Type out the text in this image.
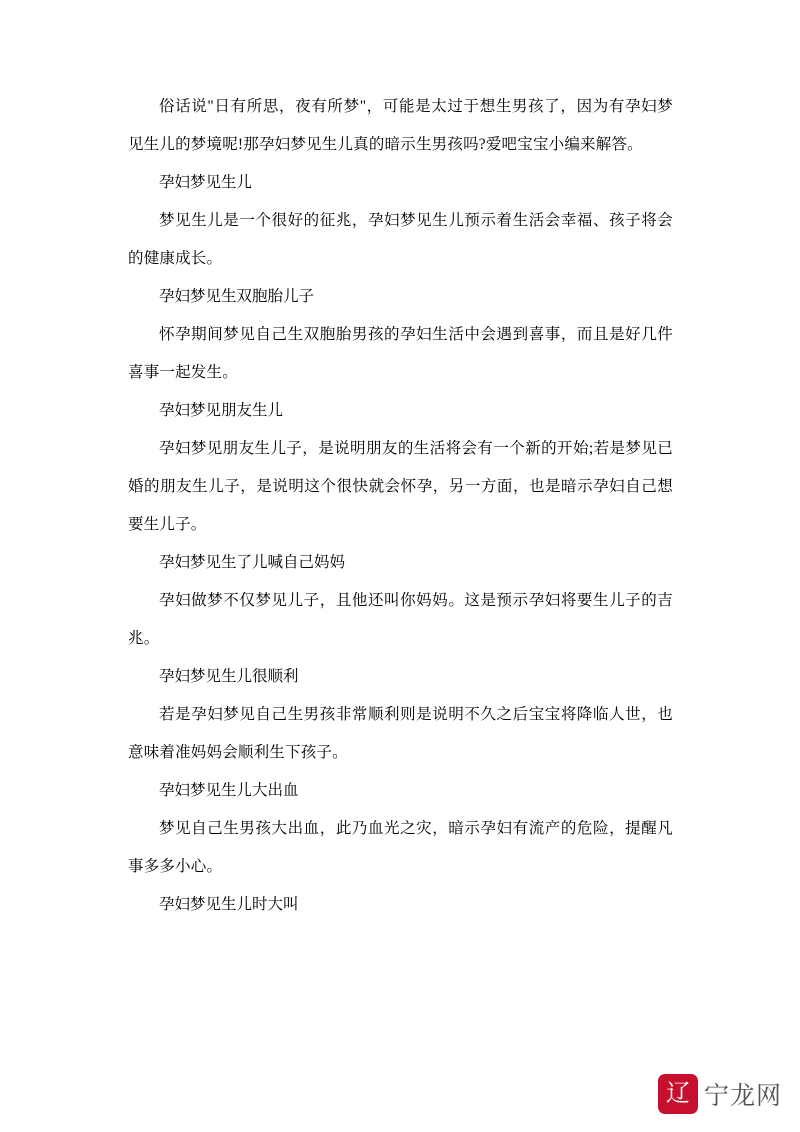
俗话说"日有所思，夜有所梦"，可能是太过于想生男孩了，因为有孕妇梦见生儿的梦境呢!那孕妇梦见生儿真的暗示生男孩吗?爱吧宝宝小编来解答。

孕妇梦见生儿

梦见生儿是一个很好的征兆，孕妇梦见生儿预示着生活会幸福、孩子将会的健康成长。

孕妇梦见生双胞胎儿子

怀孕期间梦见自己生双胞胎男孩的孕妇生活中会遇到喜事，而且是好几件喜事一起发生。

孕妇梦见朋友生儿

孕妇梦见朋友生儿子，是说明朋友的生活将会有一个新的开始;若是梦见已婚的朋友生儿子，是说明这个很快就会怀孕，另一方面，也是暗示孕妇自己想要生儿子。

孕妇梦见生了儿喊自己妈妈

孕妇做梦不仅梦见儿子，且他还叫你妈妈。这是预示孕妇将要生儿子的吉兆。

孕妇梦见生儿很顺利

若是孕妇梦见自己生男孩非常顺利则是说明不久之后宝宝将降临人世，也意味着准妈妈会顺利生下孩子。

孕妇梦见生儿大出血

梦见自己生男孩大出血，此乃血光之灾，暗示孕妇有流产的危险，提醒凡事多多小心。

孕妇梦见生儿时大叫

辽 宁龙网
